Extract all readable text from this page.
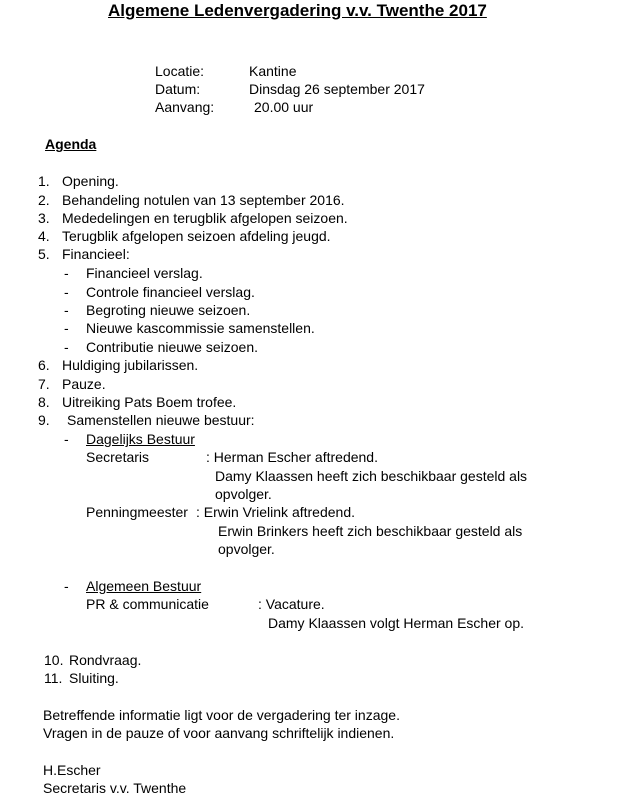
Algemene Ledenvergadering v.v. Twenthe 2017
Locatie:	Kantine
Datum:	Dinsdag 26 september 2017
Aanvang:	20.00 uur
Agenda
1. Opening.
2. Behandeling notulen van 13 september 2016.
3. Mededelingen en terugblik afgelopen seizoen.
4. Terugblik afgelopen seizoen afdeling jeugd.
5. Financieel:
- Financieel verslag.
- Controle financieel verslag.
- Begroting nieuwe seizoen.
- Nieuwe kascommissie samenstellen.
- Contributie nieuwe seizoen.
6. Huldiging jubilarissen.
7. Pauze.
8. Uitreiking Pats Boem trofee.
9. Samenstellen nieuwe bestuur:
- Dagelijks Bestuur
Secretaris	: Herman Escher aftredend.
Damy Klaassen heeft zich beschikbaar gesteld als
opvolger.
Penningmeester : Erwin Vrielink aftredend.
Erwin Brinkers heeft zich beschikbaar gesteld als
opvolger.
- Algemeen Bestuur
PR & communicatie	: Vacature.
Damy Klaassen volgt Herman Escher op.
10. Rondvraag.
11. Sluiting.
Betreffende informatie ligt voor de vergadering ter inzage.
Vragen in de pauze of voor aanvang schriftelijk indienen.
H.Escher
Secretaris v.v. Twenthe
